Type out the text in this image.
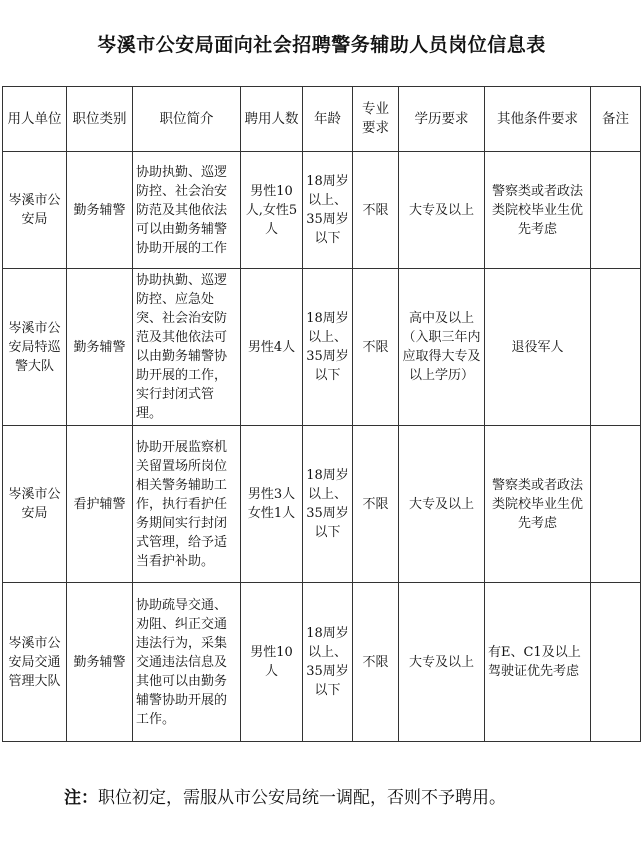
岑溪市公安局面向社会招聘警务辅助人员岗位信息表
用人单位	职位类别	职位简介	聘用人数	年龄	专业要求	学历要求	其他条件要求	备注
岑溪市公安局	勤务辅警	协助执勤、巡逻防控、社会治安防范及其他依法可以由勤务辅警协助开展的工作	男性10人,女性5人	18周岁以上、35周岁以下	不限	大专及以上	警察类或者政法类院校毕业生优先考虑	
岑溪市公安局特巡警大队	勤务辅警	协助执勤、巡逻防控、应急处突、社会治安防范及其他依法可以由勤务辅警协助开展的工作，实行封闭式管理。	男性4人	18周岁以上、35周岁以下	不限	高中及以上（入职三年内应取得大专及以上学历）	退役军人	
岑溪市公安局	看护辅警	协助开展监察机关留置场所岗位相关警务辅助工作，执行看护任务期间实行封闭式管理，给予适当看护补助。	男性3人女性1人	18周岁以上、35周岁以下	不限	大专及以上	警察类或者政法类院校毕业生优先考虑	
岑溪市公安局交通管理大队	勤务辅警	协助疏导交通、劝阻、纠正交通违法行为，采集交通违法信息及其他可以由勤务辅警协助开展的工作。	男性10人	18周岁以上、35周岁以下	不限	大专及以上	有E、C1及以上驾驶证优先考虑	
注：职位初定，需服从市公安局统一调配，否则不予聘用。
